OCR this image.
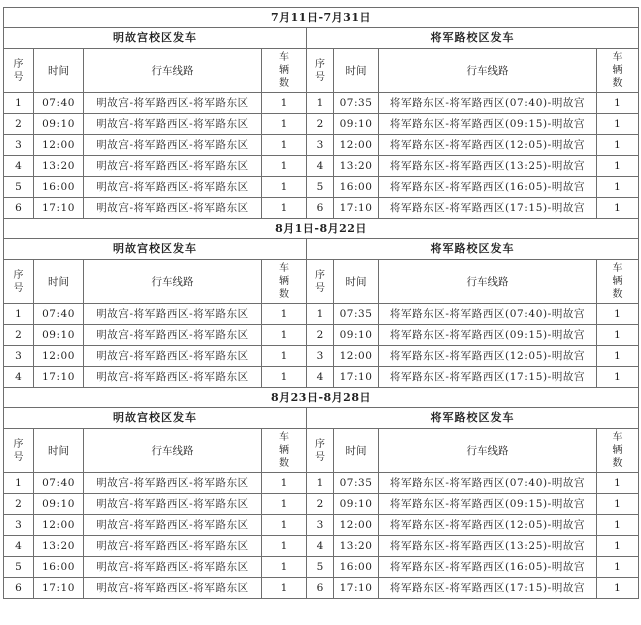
7月11日-7月31日							
明故宫校区发车				将军路校区发车			
序
号	时间	行车线路	车
辆
数	序
号	时间	行车线路	车
辆
数
1	07:40	明故宫-将军路西区-将军路东区	1	1	07:35	将军路东区-将军路西区(07:40)-明故宫	1
2	09:10	明故宫-将军路西区-将军路东区	1	2	09:10	将军路东区-将军路西区(09:15)-明故宫	1
3	12:00	明故宫-将军路西区-将军路东区	1	3	12:00	将军路东区-将军路西区(12:05)-明故宫	1
4	13:20	明故宫-将军路西区-将军路东区	1	4	13:20	将军路东区-将军路西区(13:25)-明故宫	1
5	16:00	明故宫-将军路西区-将军路东区	1	5	16:00	将军路东区-将军路西区(16:05)-明故宫	1
6	17:10	明故宫-将军路西区-将军路东区	1	6	17:10	将军路东区-将军路西区(17:15)-明故宫	1
8月1日-8月22日							
明故宫校区发车				将军路校区发车			
序
号	时间	行车线路	车
辆
数	序
号	时间	行车线路	车
辆
数
1	07:40	明故宫-将军路西区-将军路东区	1	1	07:35	将军路东区-将军路西区(07:40)-明故宫	1
2	09:10	明故宫-将军路西区-将军路东区	1	2	09:10	将军路东区-将军路西区(09:15)-明故宫	1
3	12:00	明故宫-将军路西区-将军路东区	1	3	12:00	将军路东区-将军路西区(12:05)-明故宫	1
4	17:10	明故宫-将军路西区-将军路东区	1	4	17:10	将军路东区-将军路西区(17:15)-明故宫	1
8月23日-8月28日							
明故宫校区发车				将军路校区发车			
序
号	时间	行车线路	车
辆
数	序
号	时间	行车线路	车
辆
数
1	07:40	明故宫-将军路西区-将军路东区	1	1	07:35	将军路东区-将军路西区(07:40)-明故宫	1
2	09:10	明故宫-将军路西区-将军路东区	1	2	09:10	将军路东区-将军路西区(09:15)-明故宫	1
3	12:00	明故宫-将军路西区-将军路东区	1	3	12:00	将军路东区-将军路西区(12:05)-明故宫	1
4	13:20	明故宫-将军路西区-将军路东区	1	4	13:20	将军路东区-将军路西区(13:25)-明故宫	1
5	16:00	明故宫-将军路西区-将军路东区	1	5	16:00	将军路东区-将军路西区(16:05)-明故宫	1
6	17:10	明故宫-将军路西区-将军路东区	1	6	17:10	将军路东区-将军路西区(17:15)-明故宫	1
